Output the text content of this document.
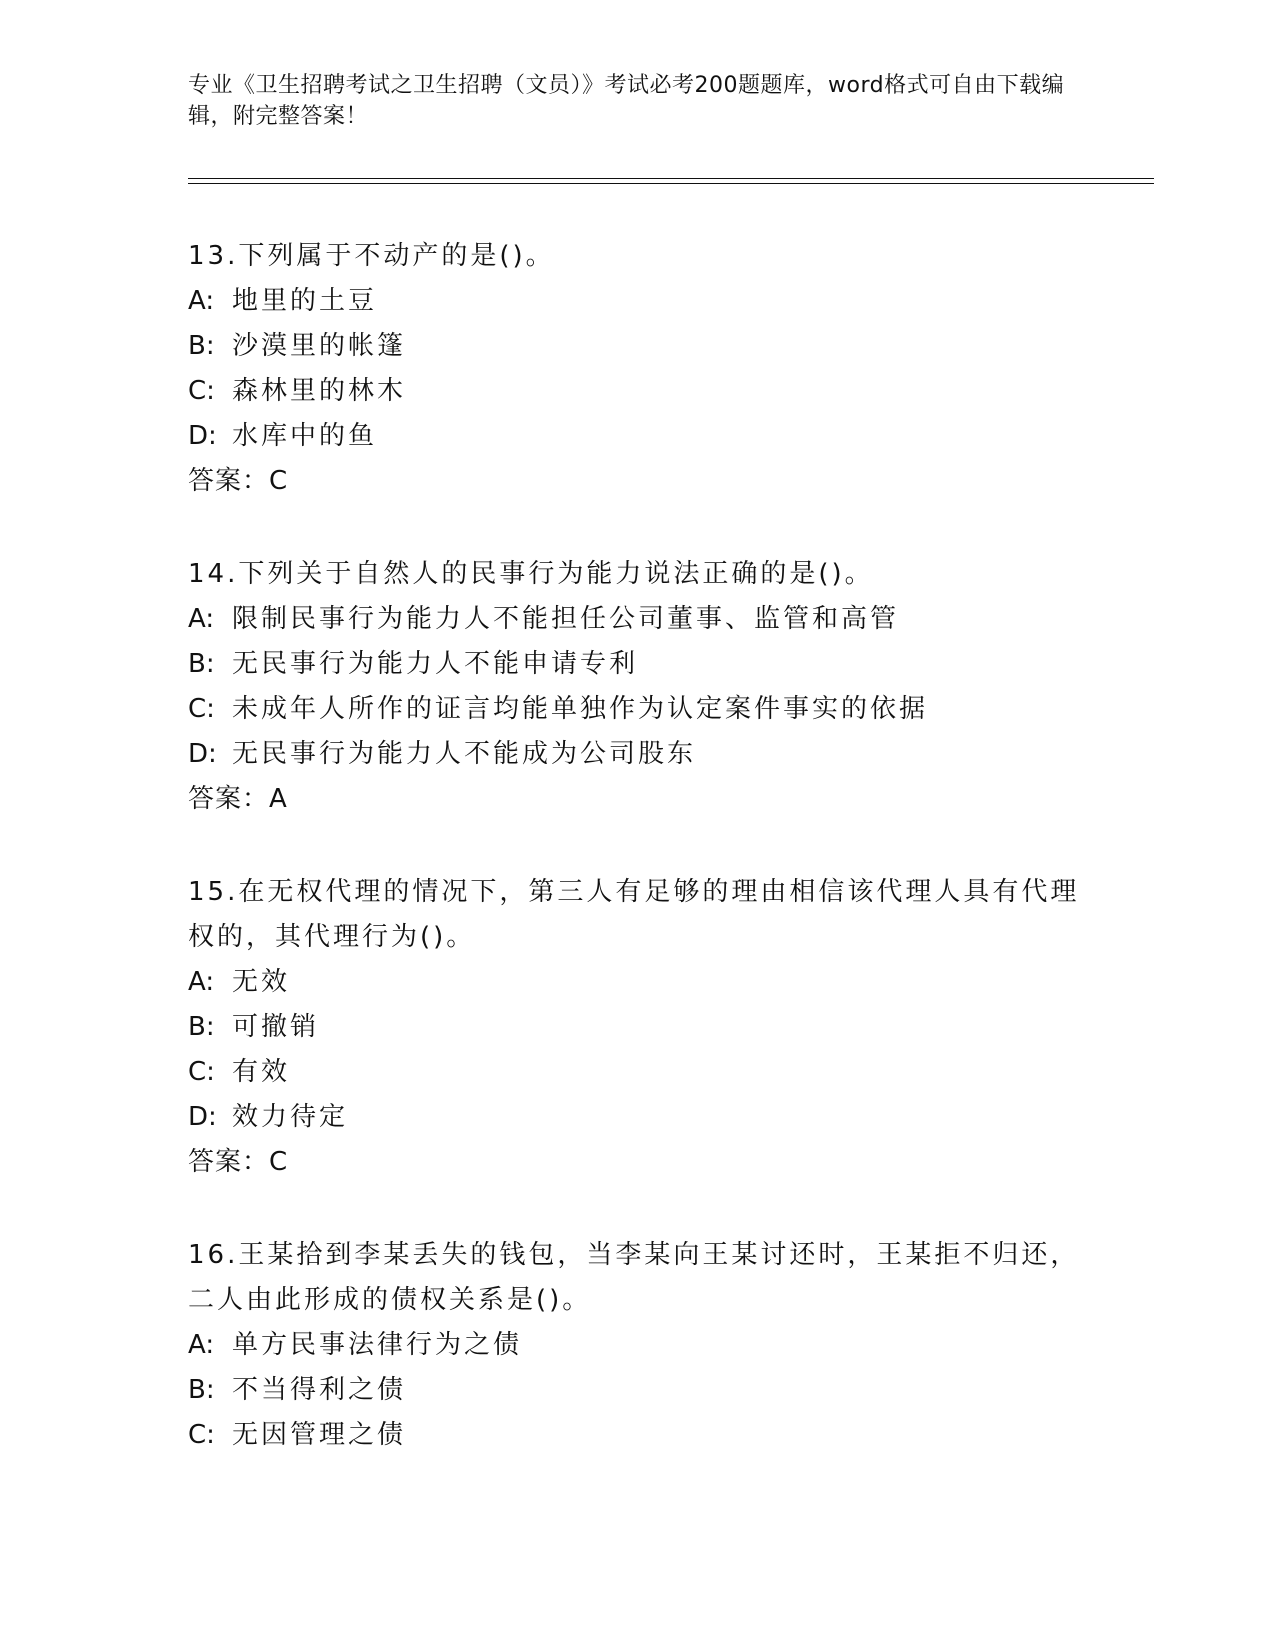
专业《卫生招聘考试之卫生招聘（文员）》考试必考200题题库，word格式可自由下载编辑，附完整答案！

13.下列属于不动产的是()。

A: 地里的土豆

B: 沙漠里的帐篷

C: 森林里的林木

D: 水库中的鱼

答案：C

14.下列关于自然人的民事行为能力说法正确的是()。

A: 限制民事行为能力人不能担任公司董事、监管和高管

B: 无民事行为能力人不能申请专利

C: 未成年人所作的证言均能单独作为认定案件事实的依据

D: 无民事行为能力人不能成为公司股东

答案：A

15.在无权代理的情况下，第三人有足够的理由相信该代理人具有代理权的，其代理行为()。

A: 无效

B: 可撤销

C: 有效

D: 效力待定

答案：C

16.王某拾到李某丢失的钱包，当李某向王某讨还时，王某拒不归还，二人由此形成的债权关系是()。

A: 单方民事法律行为之债

B: 不当得利之债

C: 无因管理之债
